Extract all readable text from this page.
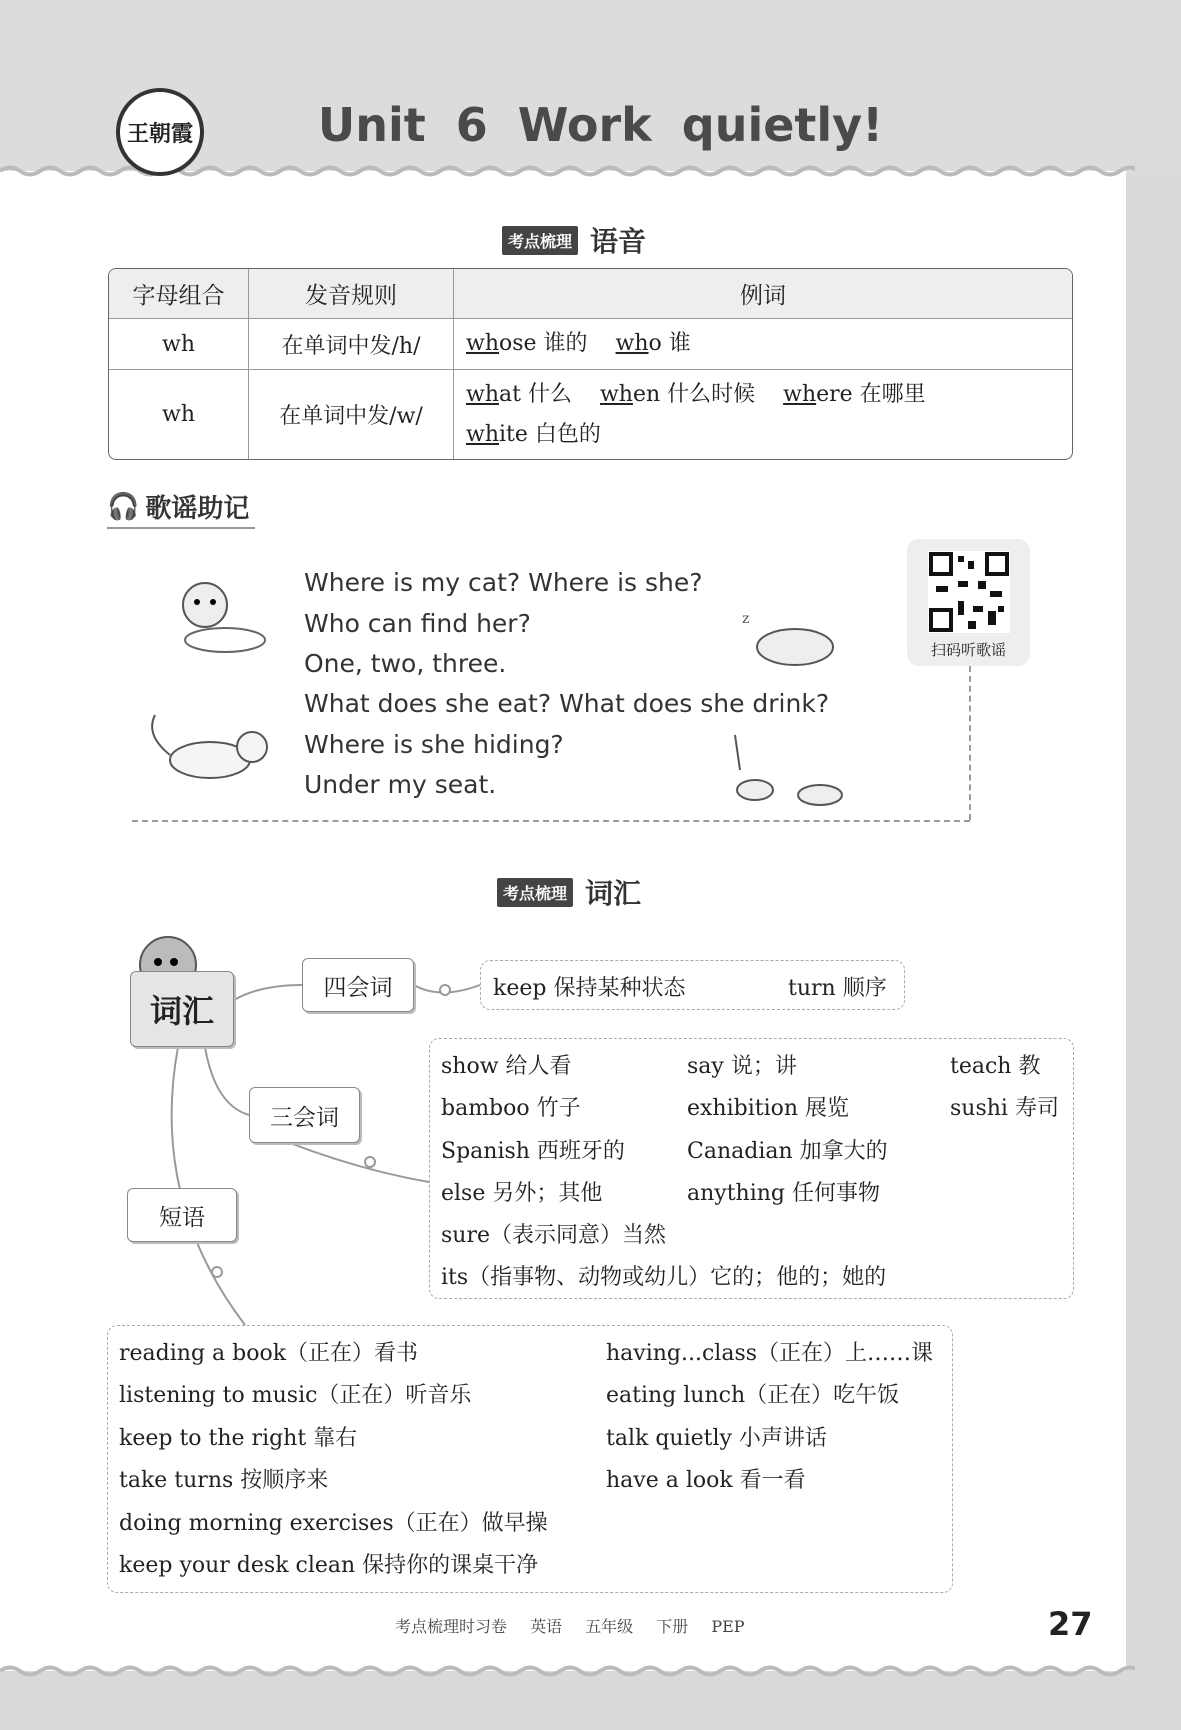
王朝霞	Unit 6 Work quietly!
考点梳理 语音
字母组合	发音规则	例词
wh	在单词中发/h/	whose 谁的 who 谁
wh	在单词中发/w/	what 什么 when 什么时候 where 在哪里
white 白色的
🎧 歌谣助记
Where is my cat? Where is she?
Who can find her?
One, two, three.
What does she eat? What does she drink?
Where is she hiding?
Under my seat.
z
扫码听歌谣
考点梳理 词汇
词汇
四会词
三会词
短语
keep 保持某种状态	turn 顺序
show 给人看	say 说；讲	teach 教
bamboo 竹子	exhibition 展览	sushi 寿司
Spanish 西班牙的	Canadian 加拿大的
else 另外；其他	anything 任何事物
sure（表示同意）当然
its（指事物、动物或幼儿）它的；他的；她的
reading a book（正在）看书	having...class（正在）上……课
listening to music（正在）听音乐	eating lunch（正在）吃午饭
keep to the right 靠右	talk quietly 小声讲话
take turns 按顺序来	have a look 看一看
doing morning exercises（正在）做早操
keep your desk clean 保持你的课桌干净
考点梳理时习卷 英语 五年级 下册 PEP	27
